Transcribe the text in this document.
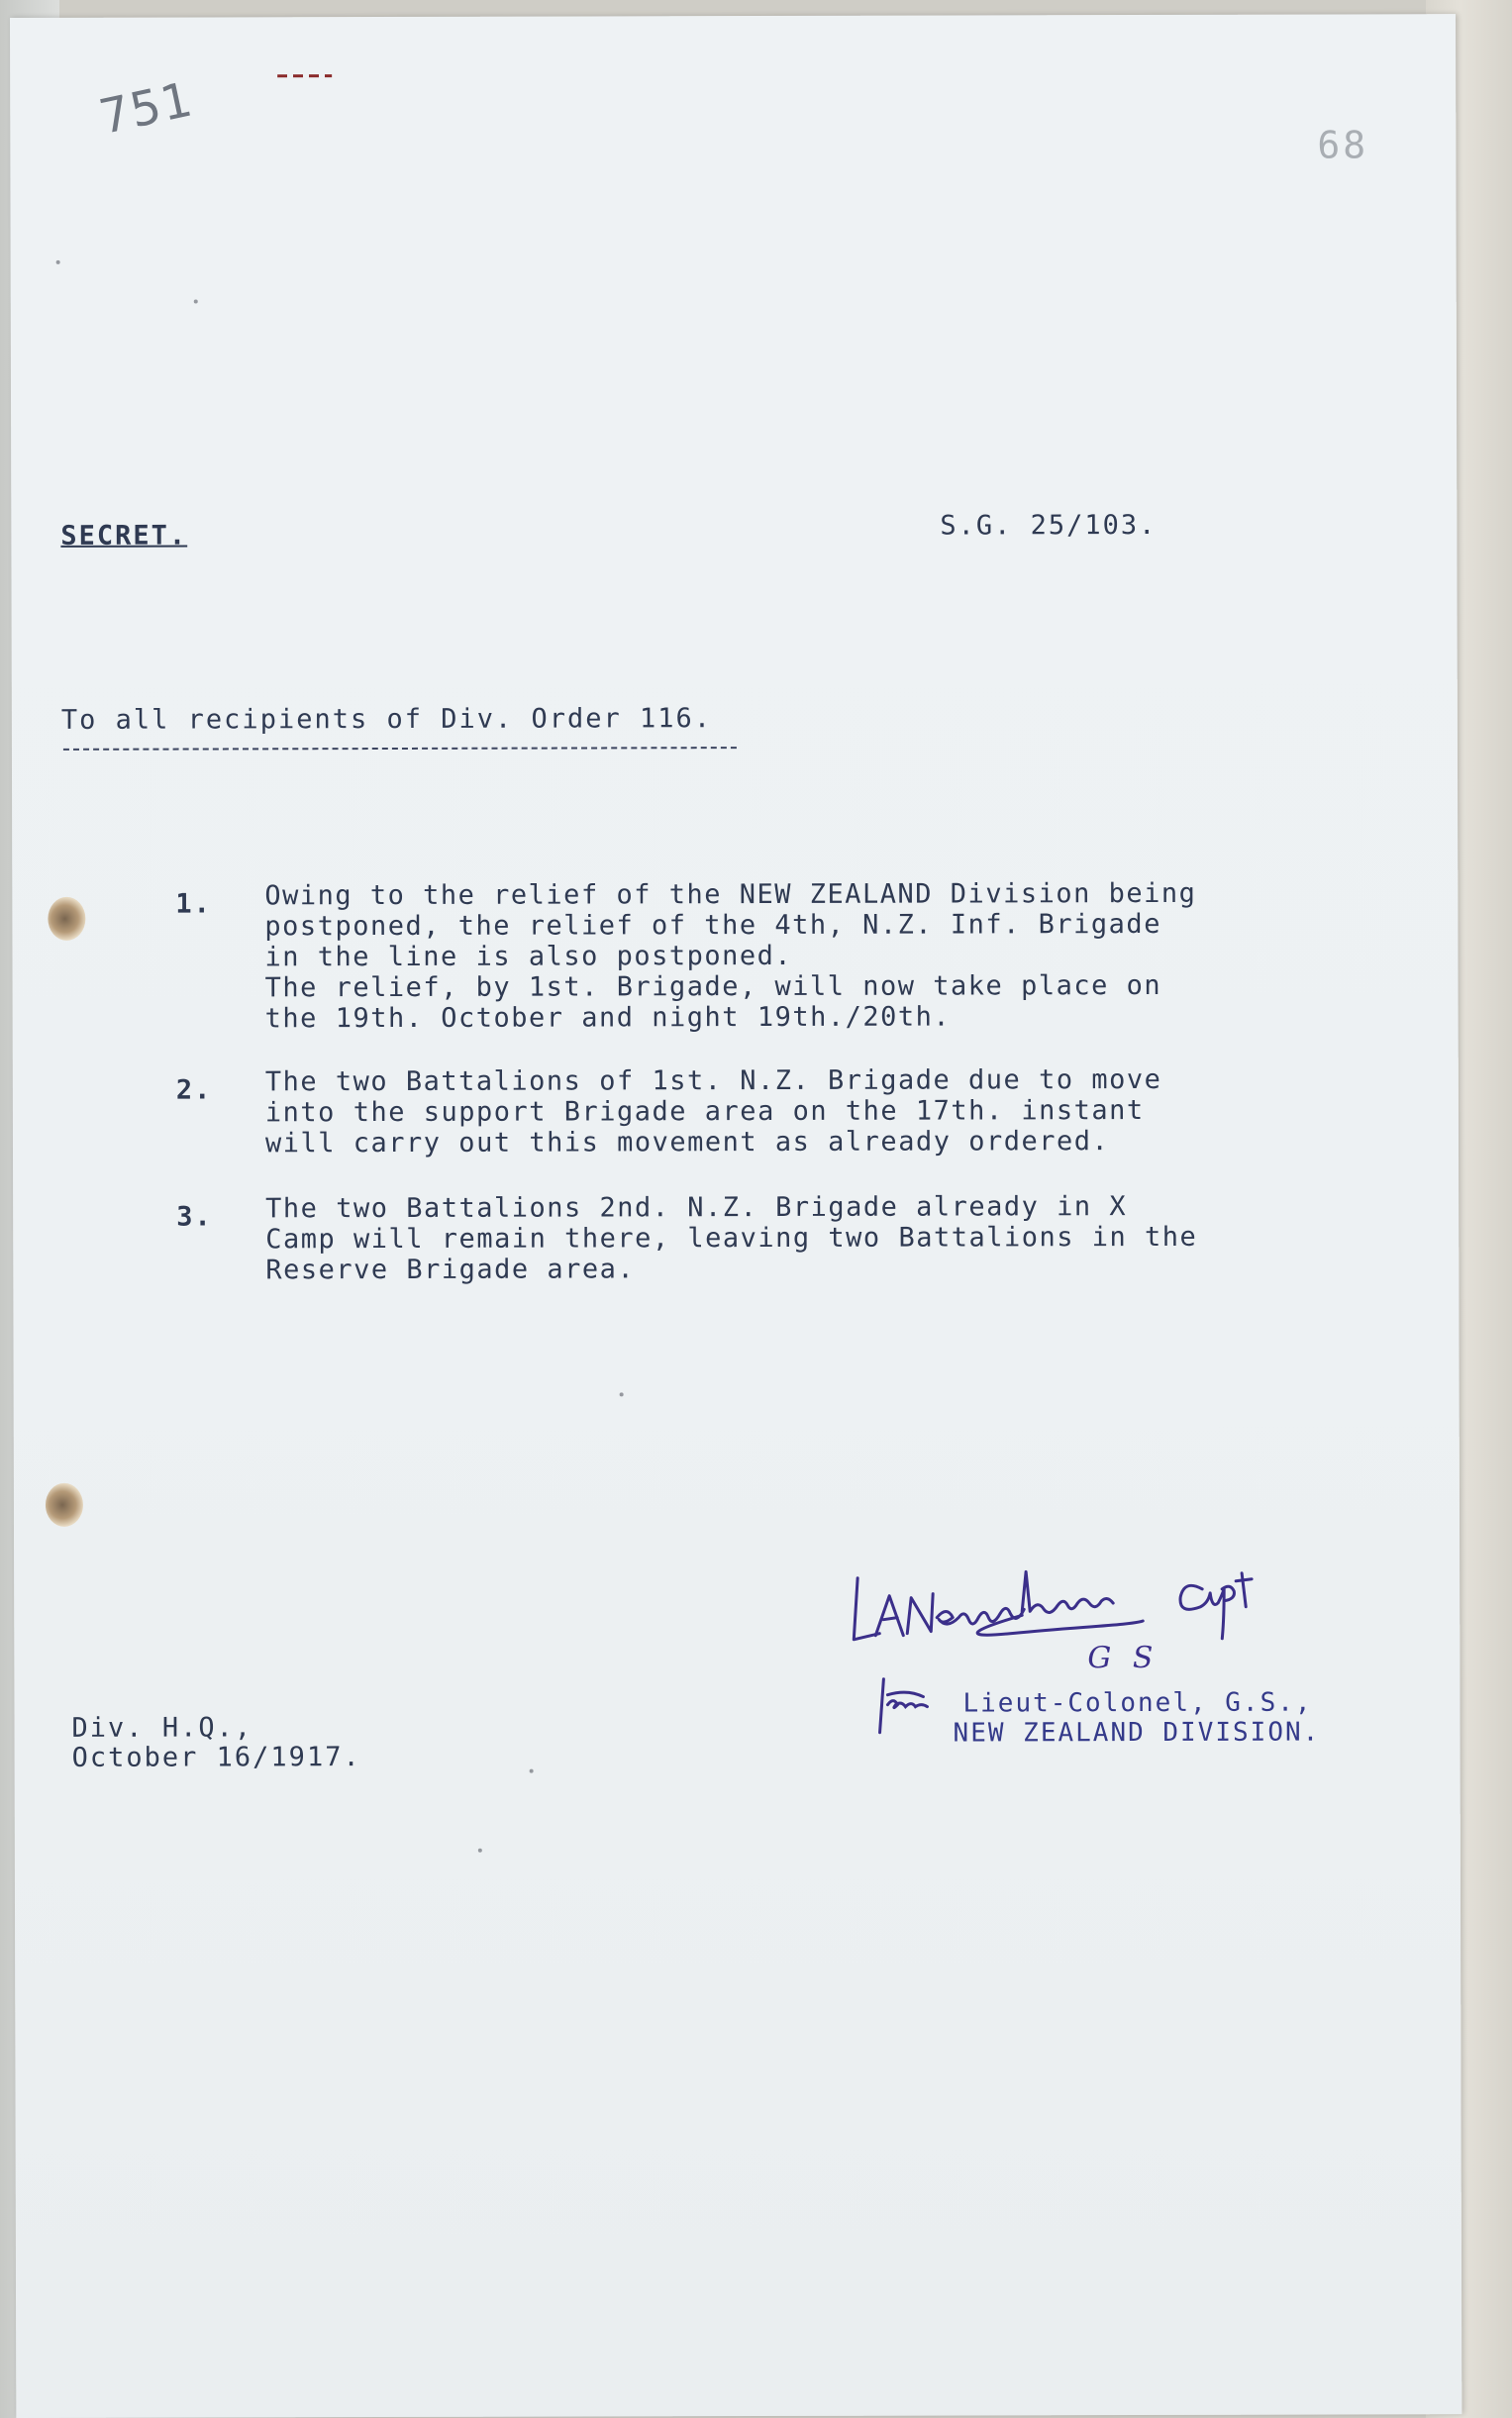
751	68
SECRET.	S.G. 25/103.
To all recipients of Div. Order 116.
1. Owing to the relief of the NEW ZEALAND Division being
postponed, the relief of the 4th, N.Z. Inf. Brigade
in the line is also postponed.
The relief, by 1st. Brigade, will now take place on
the 19th. October and night 19th./20th.
2. The two Battalions of 1st. N.Z. Brigade due to move
into the support Brigade area on the 17th. instant
will carry out this movement as already ordered.
3. The two Battalions 2nd. N.Z. Brigade already in X
Camp will remain there, leaving two Battalions in the
Reserve Brigade area.
G S
Lieut-Colonel, G.S.,
NEW ZEALAND DIVISION.
Div. H.Q.,
October 16/1917.
